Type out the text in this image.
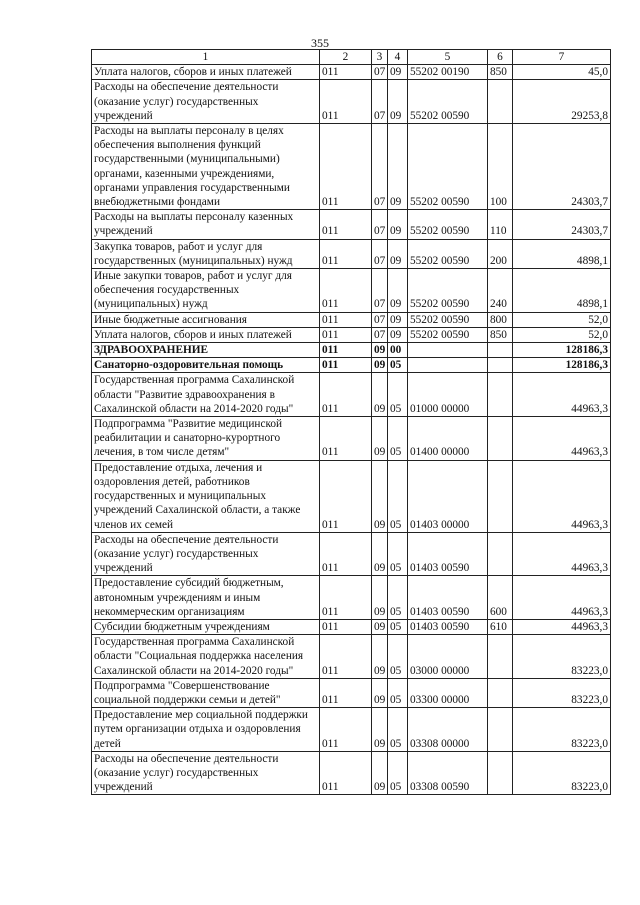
355
1	2	3	4	5	6	7
Уплата налогов, сборов и иных платежей	011	07	09	55202 00190	850	45,0
Расходы на обеспечение деятельности (оказание услуг) государственных учреждений	011	07	09	55202 00590		29253,8
Расходы на выплаты персоналу в целях обеспечения выполнения функций государственными (муниципальными) органами, казенными учреждениями, органами управления государственными внебюджетными фондами	011	07	09	55202 00590	100	24303,7
Расходы на выплаты персоналу казенных учреждений	011	07	09	55202 00590	110	24303,7
Закупка товаров, работ и услуг для государственных (муниципальных) нужд	011	07	09	55202 00590	200	4898,1
Иные закупки товаров, работ и услуг для обеспечения государственных (муниципальных) нужд	011	07	09	55202 00590	240	4898,1
Иные бюджетные ассигнования	011	07	09	55202 00590	800	52,0
Уплата налогов, сборов и иных платежей	011	07	09	55202 00590	850	52,0
ЗДРАВООХРАНЕНИЕ	011	09	00			128186,3
Санаторно-оздоровительная помощь	011	09	05			128186,3
Государственная программа Сахалинской области "Развитие здравоохранения в Сахалинской области на 2014-2020 годы"	011	09	05	01000 00000		44963,3
Подпрограмма "Развитие медицинской реабилитации и санаторно-курортного лечения, в том числе детям"	011	09	05	01400 00000		44963,3
Предоставление отдыха, лечения и оздоровления детей, работников государственных и муниципальных учреждений Сахалинской области, а также членов их семей	011	09	05	01403 00000		44963,3
Расходы на обеспечение деятельности (оказание услуг) государственных учреждений	011	09	05	01403 00590		44963,3
Предоставление субсидий бюджетным, автономным учреждениям и иным некоммерческим организациям	011	09	05	01403 00590	600	44963,3
Субсидии бюджетным учреждениям	011	09	05	01403 00590	610	44963,3
Государственная программа Сахалинской области "Социальная поддержка населения Сахалинской области на 2014-2020 годы"	011	09	05	03000 00000		83223,0
Подпрограмма "Совершенствование социальной поддержки семьи и детей"	011	09	05	03300 00000		83223,0
Предоставление мер социальной поддержки путем организации отдыха и оздоровления детей	011	09	05	03308 00000		83223,0
Расходы на обеспечение деятельности (оказание услуг) государственных учреждений	011	09	05	03308 00590		83223,0
